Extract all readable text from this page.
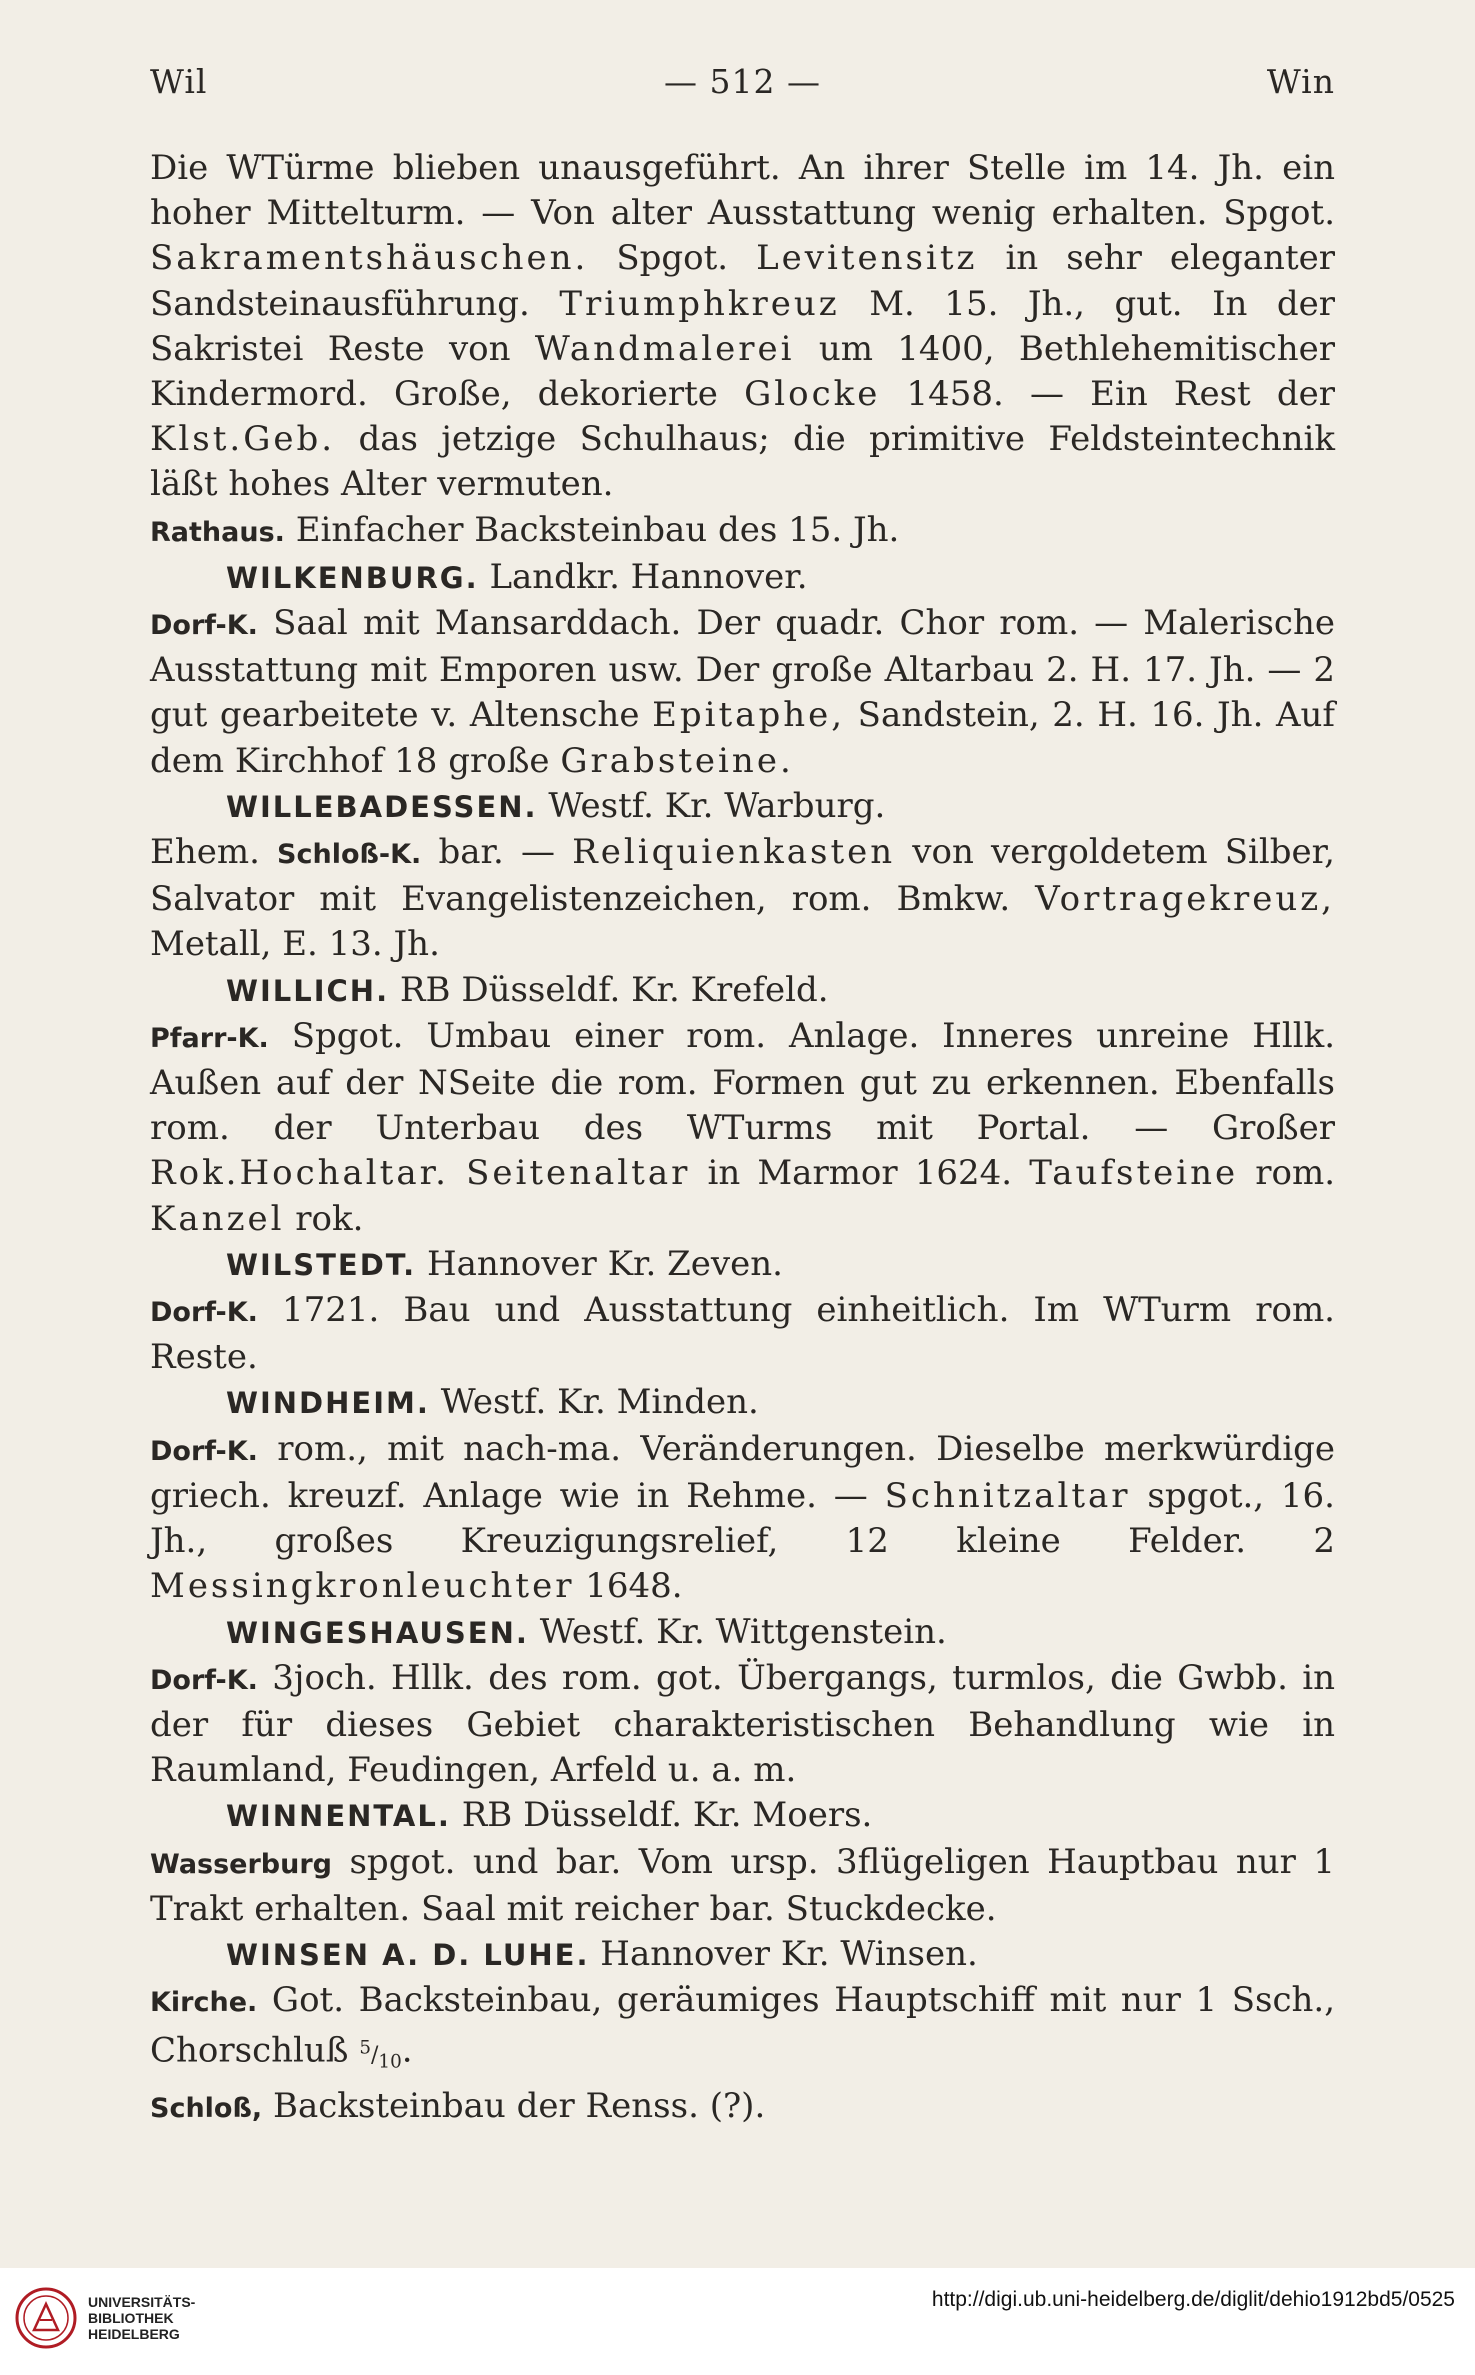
Wil	— 512 —	Win

Die WTürme blieben unausgeführt. An ihrer Stelle im 14. Jh. ein hoher Mittelturm. — Von alter Ausstattung wenig erhalten. Spgot. Sakramentshäuschen. Spgot. Levitensitz in sehr eleganter Sandsteinausführung. Triumphkreuz M. 15. Jh., gut. In der Sakristei Reste von Wandmalerei um 1400, Bethlehemitischer Kindermord. Große, dekorierte Glocke 1458. — Ein Rest der Klst.Geb. das jetzige Schulhaus; die primitive Feldsteintechnik läßt hohes Alter vermuten.

Rathaus. Einfacher Backsteinbau des 15. Jh.

WILKENBURG. Landkr. Hannover.

Dorf-K. Saal mit Mansarddach. Der quadr. Chor rom. — Malerische Ausstattung mit Emporen usw. Der große Altarbau 2. H. 17. Jh. — 2 gut gearbeitete v. Altensche Epitaphe, Sandstein, 2. H. 16. Jh. Auf dem Kirchhof 18 große Grabsteine.

WILLEBADESSEN. Westf. Kr. Warburg.

Ehem. Schloß-K. bar. — Reliquienkasten von vergoldetem Silber, Salvator mit Evangelistenzeichen, rom. Bmkw. Vortragekreuz, Metall, E. 13. Jh.

WILLICH. RB Düsseldf. Kr. Krefeld.

Pfarr-K. Spgot. Umbau einer rom. Anlage. Inneres unreine Hllk. Außen auf der NSeite die rom. Formen gut zu erkennen. Ebenfalls rom. der Unterbau des WTurms mit Portal. — Großer Rok.Hochaltar. Seitenaltar in Marmor 1624. Taufsteine rom. Kanzel rok.

WILSTEDT. Hannover Kr. Zeven.

Dorf-K. 1721. Bau und Ausstattung einheitlich. Im WTurm rom. Reste.

WINDHEIM. Westf. Kr. Minden.

Dorf-K. rom., mit nach-ma. Veränderungen. Dieselbe merkwürdige griech. kreuzf. Anlage wie in Rehme. — Schnitzaltar spgot., 16. Jh., großes Kreuzigungsrelief, 12 kleine Felder. 2 Messingkronleuchter 1648.

WINGESHAUSEN. Westf. Kr. Wittgenstein.

Dorf-K. 3joch. Hllk. des rom. got. Übergangs, turmlos, die Gwbb. in der für dieses Gebiet charakteristischen Behandlung wie in Raumland, Feudingen, Arfeld u. a. m.

WINNENTAL. RB Düsseldf. Kr. Moers.

Wasserburg spgot. und bar. Vom ursp. 3flügeligen Hauptbau nur 1 Trakt erhalten. Saal mit reicher bar. Stuckdecke.

WINSEN A. D. LUHE. Hannover Kr. Winsen.

Kirche. Got. Backsteinbau, geräumiges Hauptschiff mit nur 1 Ssch., Chorschluß $^5/_{10}$.

Schloß, Backsteinbau der Renss. (?).

UNIVERSITÄTS-
BIBLIOTHEK
HEIDELBERG
http://digi.ub.uni-heidelberg.de/diglit/dehio1912bd5/0525
